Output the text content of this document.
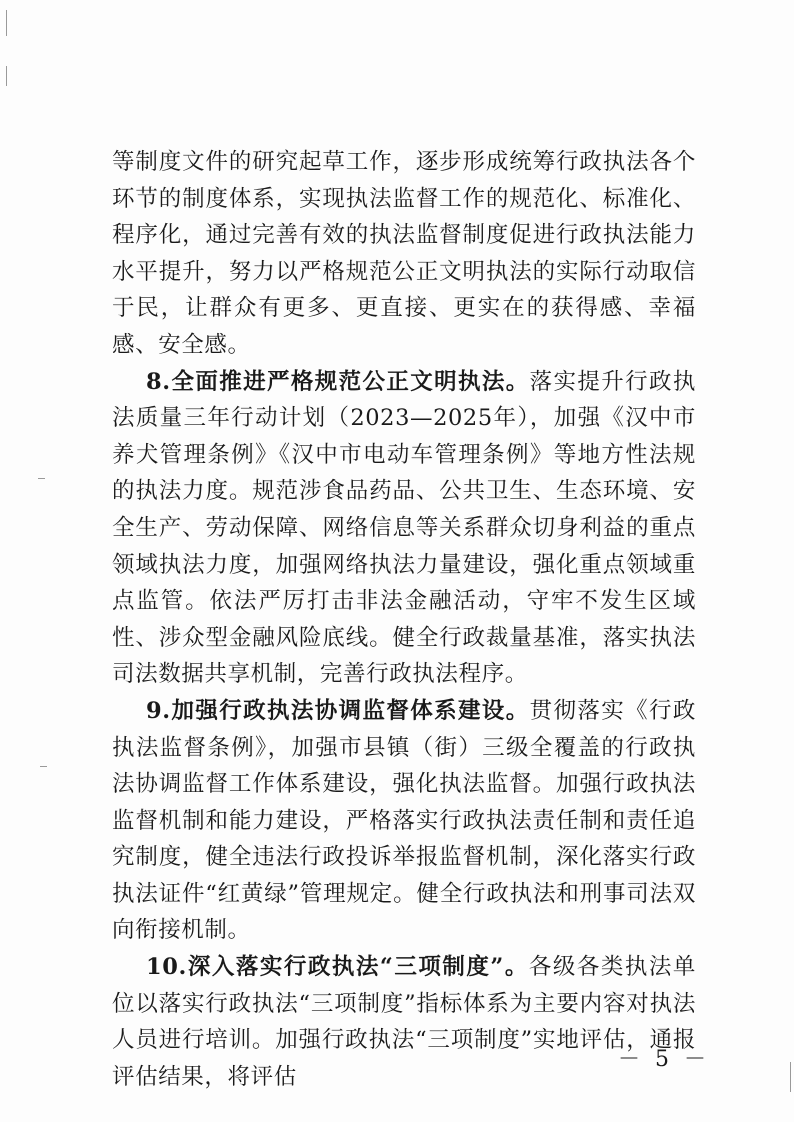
等制度文件的研究起草工作，逐步形成统筹行政执法各个环节的制度体系，实现执法监督工作的规范化、标准化、程序化，通过完善有效的执法监督制度促进行政执法能力水平提升，努力以严格规范公正文明执法的实际行动取信于民，让群众有更多、更直接、更实在的获得感、幸福感、安全感。

8.全面推进严格规范公正文明执法。落实提升行政执法质量三年行动计划（2023—2025年），加强《汉中市养犬管理条例》《汉中市电动车管理条例》等地方性法规的执法力度。规范涉食品药品、公共卫生、生态环境、安全生产、劳动保障、网络信息等关系群众切身利益的重点领域执法力度，加强网络执法力量建设，强化重点领域重点监管。依法严厉打击非法金融活动，守牢不发生区域性、涉众型金融风险底线。健全行政裁量基准，落实执法司法数据共享机制，完善行政执法程序。

9.加强行政执法协调监督体系建设。贯彻落实《行政执法监督条例》，加强市县镇（街）三级全覆盖的行政执法协调监督工作体系建设，强化执法监督。加强行政执法监督机制和能力建设，严格落实行政执法责任制和责任追究制度，健全违法行政投诉举报监督机制，深化落实行政执法证件“红黄绿”管理规定。健全行政执法和刑事司法双向衔接机制。

10.深入落实行政执法“三项制度”。各级各类执法单位以落实行政执法“三项制度”指标体系为主要内容对执法人员进行培训。加强行政执法“三项制度”实地评估，通报评估结果，将评估

－ 5 －
